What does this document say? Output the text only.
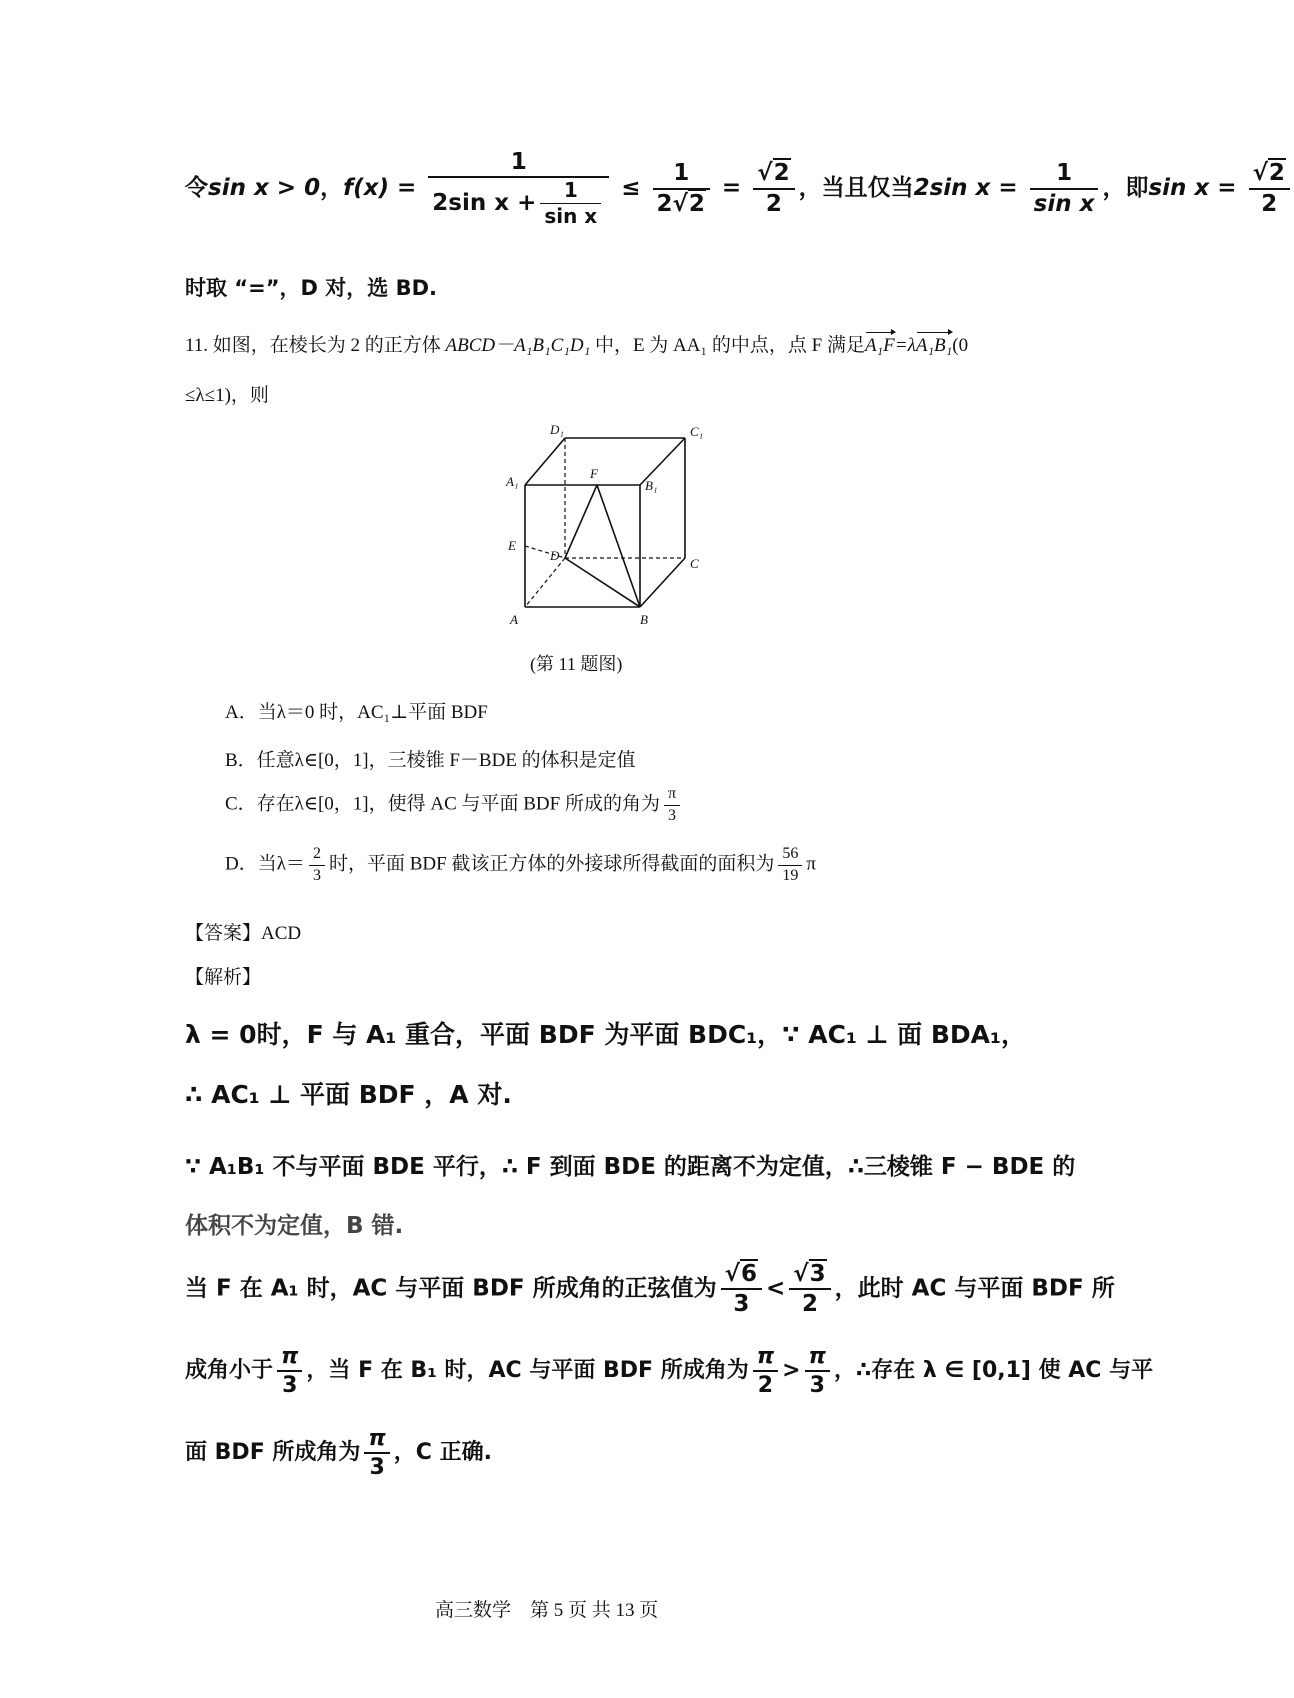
令sin x > 0，$f(x) = \frac{1}{2\sin x + \frac{1}{\text{sin x}}} \le \frac{1}{2√2} = \frac{√2}{2}$ ，当且仅当2sin $x = \frac{1}{\text{sin x}}$ ，即$\sin x = \frac{√2}{2}$
时取 “=”，D 对，选 BD.
11. 如图，在棱长为 2 的正方体 ABCD－A₁B₁C₁D₁ 中，E 为 AA₁ 的中点，点 F 满足A₁F=λA₁B₁(0
≤λ≤1)，则
D₁	C₁
A₁	B₁
F
E
D
C
A	B
(第 11 题图)
A．当λ＝0 时，AC₁⊥平面 BDF
B．任意λ∈[0，1]，三棱锥 F－BDE 的体积是定值
C．存在λ∈[0，1]，使得 AC 与平面 BDF 所成的角为 $\frac{\pi}{3}$
D．当$\lambda= \frac{2}{3}$ 时，平面 BDF 截该正方体的外接球所得截面的面积为 $\frac{56}{19}$ π
【答案】ACD
【解析】
λ = 0时，F 与 A₁ 重合，平面 BDF 为平面 BDC₁，∵ AC₁ ⊥ 面 BDA₁，
∴ AC₁ ⊥ 平面 BDF ，A 对.
∵ A₁B₁ 不与平面 BDE 平行，∴ F 到面 BDE 的距离不为定值，∴三棱锥 F − BDE 的
体积不为定值，B 错.
当 F 在 A₁ 时，AC 与平面 BDF 所成角的正弦值为 $\frac{√6}{3} < \frac{√3}{2}$ ，此时 AC 与平面 BDF 所
成角小于 $\frac{\pi}{3}$ ，当 F 在 B₁ 时，AC 与平面 BDF 所成角为 $\frac{\pi}{2} > \frac{\pi}{3}$ ，∴存在 λ ∈ [0,1] 使 AC 与平
面 BDF 所成角为 $\frac{\pi}{3}$ ，C 正确.
高三数学　第 5 页 共 13 页
